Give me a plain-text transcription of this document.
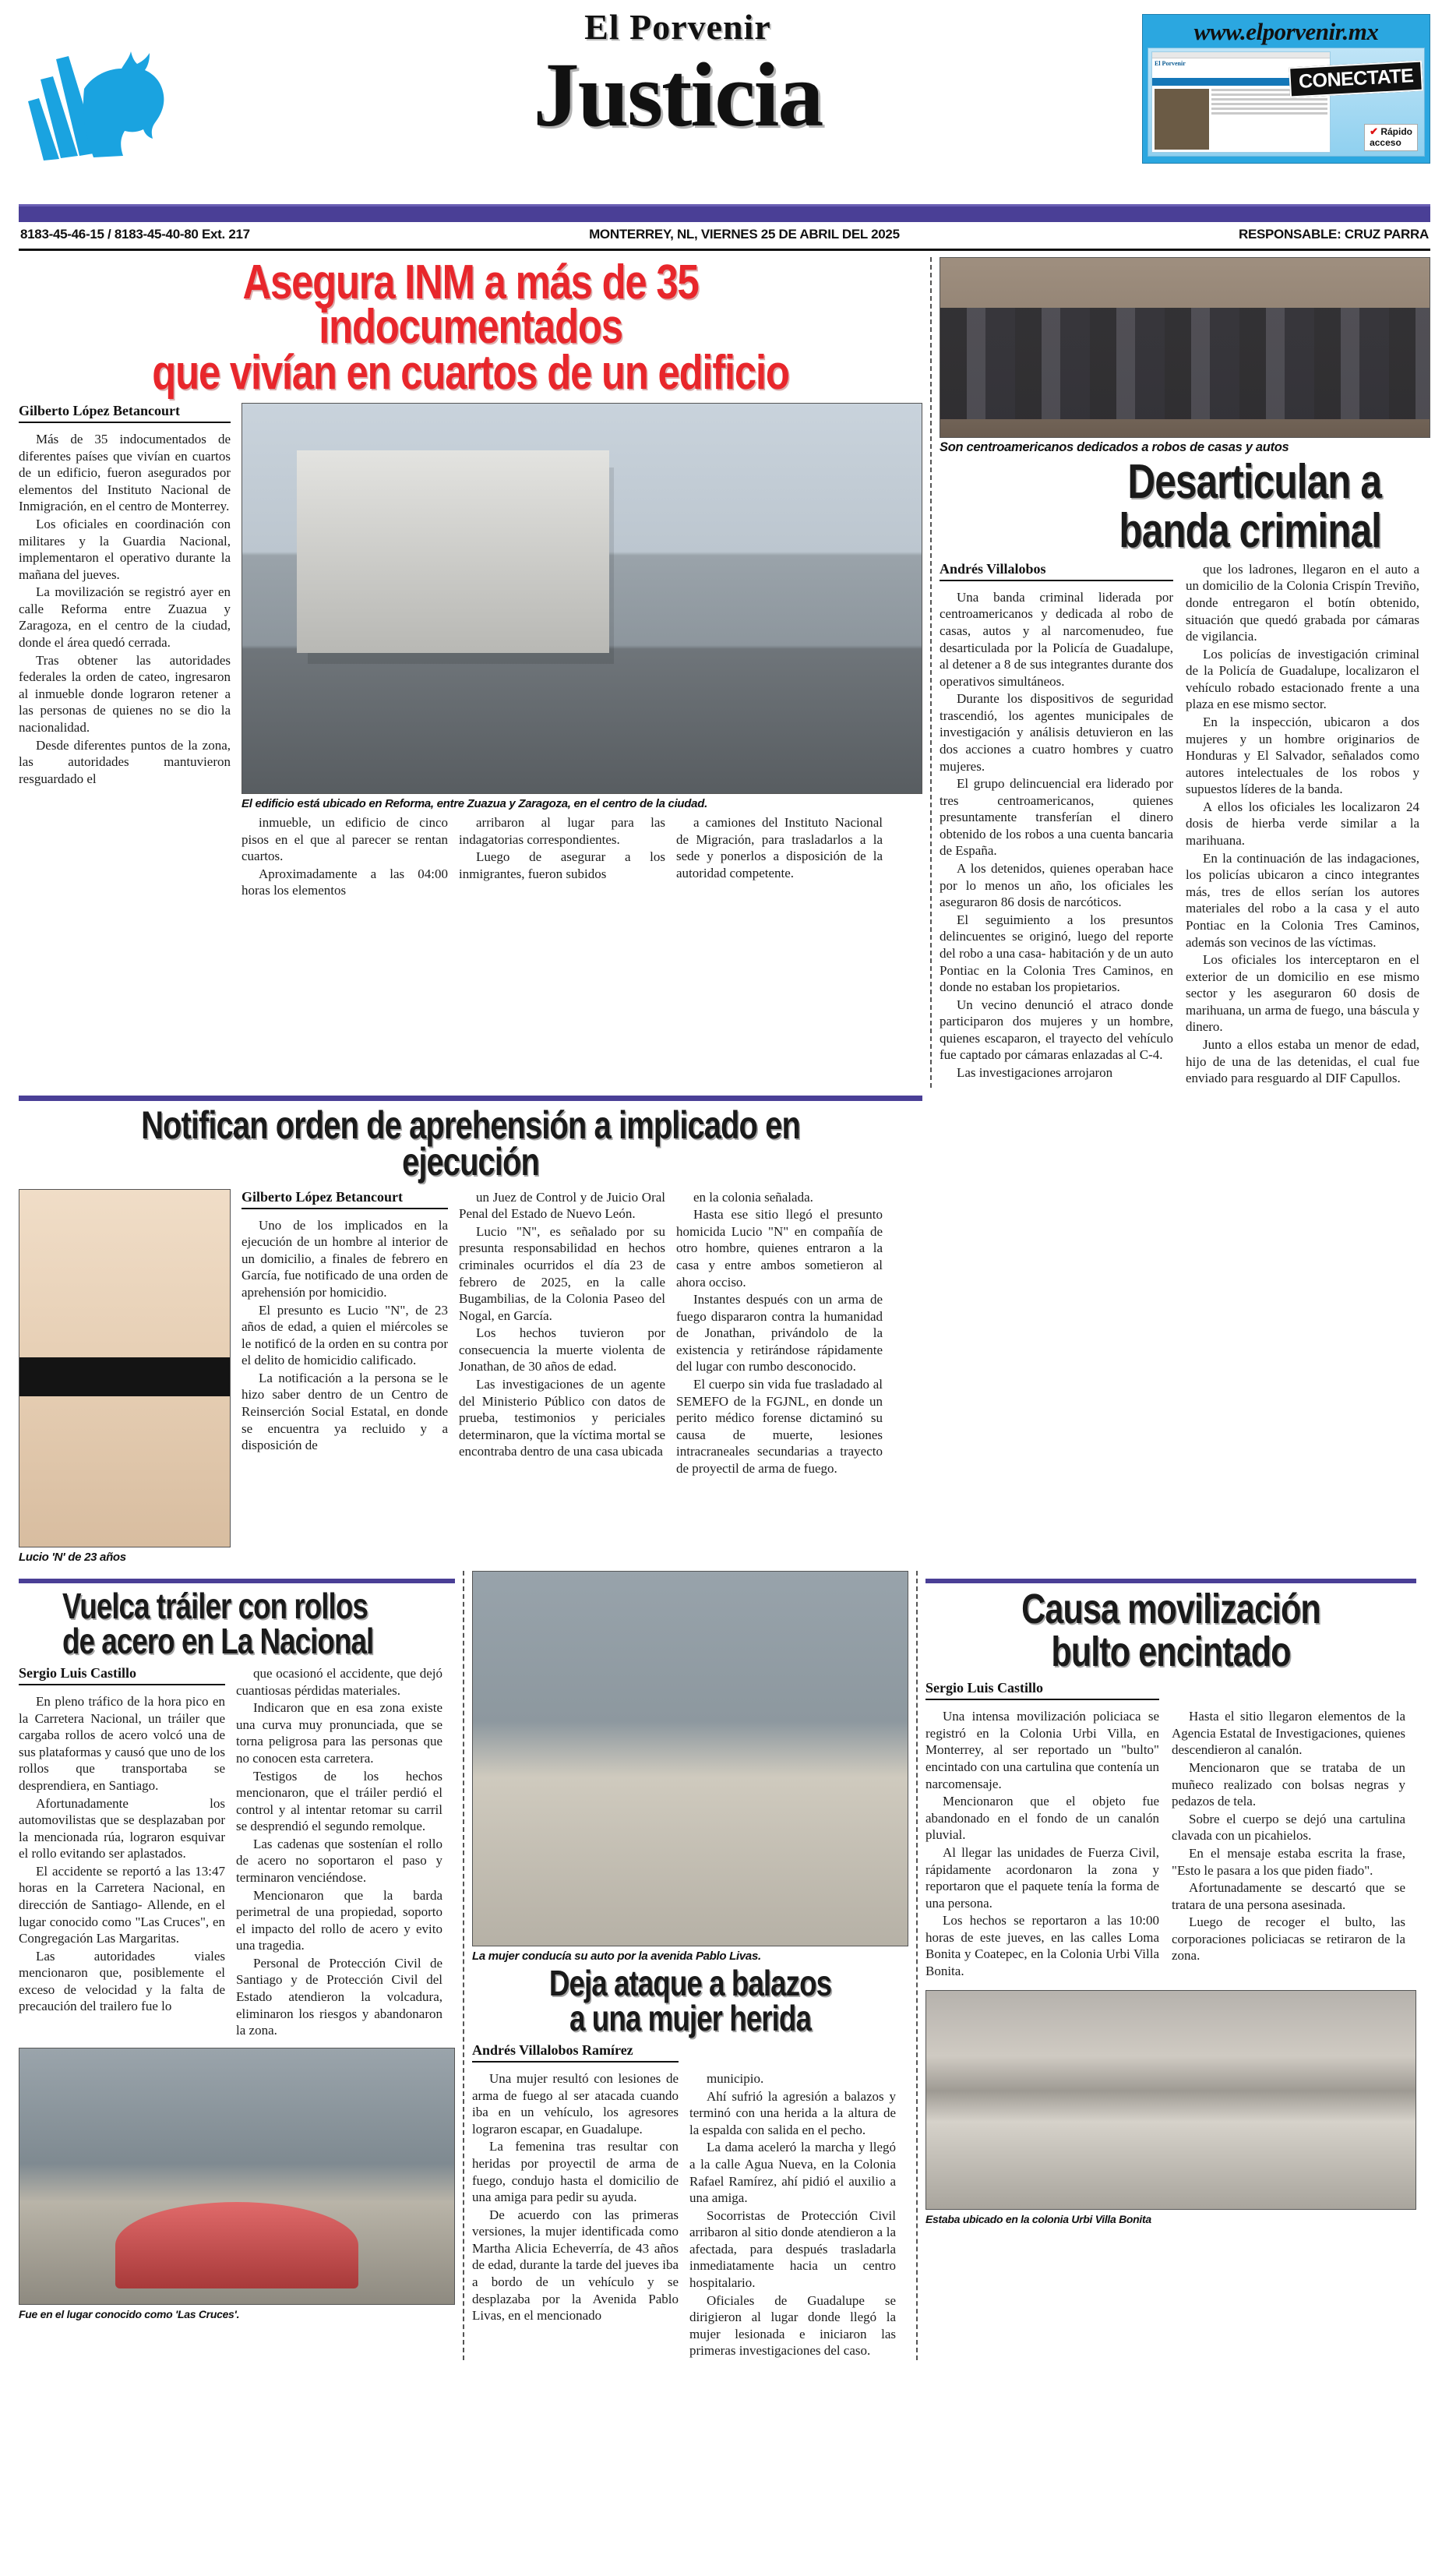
El Porvenir
Justicia
www.elporvenir.mx
El Porvenir
CONECTATE
✔ Rápido
acceso
8183-45-46-15 / 8183-45-40-80 Ext. 217	MONTERREY, NL, VIERNES 25 DE ABRIL DEL 2025	RESPONSABLE: CRUZ PARRA
Asegura INM a más de 35 indocumentados
que vivían en cuartos de un edificio
Gilberto López Betancourt

Más de 35 indocumentados de diferentes países que vivían en cuartos de un edificio, fueron asegurados por elementos del Instituto Nacional de Inmigración, en el centro de Monterrey.

Los oficiales en coordinación con militares y la Guardia Nacional, implementaron el operativo durante la mañana del jueves.

La movilización se registró ayer en calle Reforma entre Zuazua y Zaragoza, en el centro de la ciudad, donde el área quedó cerrada.

Tras obtener las autoridades federales la orden de cateo, ingresaron al inmueble donde lograron retener a las personas de quienes no se dio la nacionalidad.

Desde diferentes puntos de la zona, las autoridades mantuvieron resguardado el

El edificio está ubicado en Reforma, entre Zuazua y Zaragoza, en el centro de la ciudad.

inmueble, un edificio de cinco pisos en el que al parecer se rentan cuartos.

Aproximadamente a las 04:00 horas los elementos

arribaron al lugar para las indagatorias correspondientes.

Luego de asegurar a los inmigrantes, fueron subidos

a camiones del Instituto Nacional de Migración, para trasladarlos a la sede y ponerlos a disposición de la autoridad competente.

Son centroamericanos dedicados a robos de casas y autos
Desarticulan a
banda criminal
Andrés Villalobos

Una banda criminal liderada por centroamericanos y dedicada al robo de casas, autos y al narcomenudeo, fue desarticulada por la Policía de Guadalupe, al detener a 8 de sus integrantes durante dos operativos simultáneos.

Durante los dispositivos de seguridad trascendió, los agentes municipales de investigación y análisis detuvieron en las dos acciones a cuatro hombres y cuatro mujeres.

El grupo delincuencial era liderado por tres centroamericanos, quienes presuntamente transferían el dinero obtenido de los robos a una cuenta bancaria de España.

A los detenidos, quienes operaban hace por lo menos un año, los oficiales les aseguraron 86 dosis de narcóticos.

El seguimiento a los presuntos delincuentes se originó, luego del reporte del robo a una casa- habitación y de un auto Pontiac en la Colonia Tres Caminos, en donde no estaban los propietarios.

Un vecino denunció el atraco donde participaron dos mujeres y un hombre, quienes escaparon, el trayecto del vehículo fue captado por cámaras enlazadas al C-4.

Las investigaciones arrojaron

que los ladrones, llegaron en el auto a un domicilio de la Colonia Crispín Treviño, donde entregaron el botín obtenido, situación que quedó grabada por cámaras de vigilancia.

Los policías de investigación criminal de la Policía de Guadalupe, localizaron el vehículo robado estacionado frente a una plaza en ese mismo sector.

En la inspección, ubicaron a dos mujeres y un hombre originarios de Honduras y El Salvador, señalados como autores intelectuales de los robos y supuestos líderes de la banda.

A ellos los oficiales les localizaron 24 dosis de hierba verde similar a la marihuana.

En la continuación de las indagaciones, los policías ubicaron a cinco integrantes más, tres de ellos serían los autores materiales del robo a la casa y el auto Pontiac en la Colonia Tres Caminos, además son vecinos de las víctimas.

Los oficiales los interceptaron en el exterior de un domicilio en ese mismo sector y les aseguraron 60 dosis de marihuana, un arma de fuego, una báscula y dinero.

Junto a ellos estaba un menor de edad, hijo de una de las detenidas, el cual fue enviado para resguardo al DIF Capullos.

Notifican orden de aprehensión a implicado en ejecución
Lucio 'N' de 23 años
Gilberto López Betancourt

Uno de los implicados en la ejecución de un hombre al interior de un domicilio, a finales de febrero en García, fue notificado de una orden de aprehensión por homicidio.

El presunto es Lucio "N", de 23 años de edad, a quien el miércoles se le notificó de la orden en su contra por el delito de homicidio calificado.

La notificación a la persona se le hizo saber dentro de un Centro de Reinserción Social Estatal, en donde se encuentra ya recluido y a disposición de

un Juez de Control y de Juicio Oral Penal del Estado de Nuevo León.

Lucio "N", es señalado por su presunta responsabilidad en hechos criminales ocurridos el día 23 de febrero de 2025, en la calle Bugambilias, de la Colonia Paseo del Nogal, en García.

Los hechos tuvieron por consecuencia la muerte violenta de Jonathan, de 30 años de edad.

Las investigaciones de un agente del Ministerio Público con datos de prueba, testimonios y periciales determinaron, que la víctima mortal se encontraba dentro de una casa ubicada

en la colonia señalada.

Hasta ese sitio llegó el presunto homicida Lucio "N" en compañía de otro hombre, quienes entraron a la casa y entre ambos sometieron al ahora occiso.

Instantes después con un arma de fuego dispararon contra la humanidad de Jonathan, privándolo de la existencia y retirándose rápidamente del lugar con rumbo desconocido.

El cuerpo sin vida fue trasladado al SEMEFO de la FGJNL, en donde un perito médico forense dictaminó su causa de muerte, lesiones intracraneales secundarias a trayecto de proyectil de arma de fuego.

Vuelca tráiler con rollos
de acero en La Nacional
Sergio Luis Castillo

En pleno tráfico de la hora pico en la Carretera Nacional, un tráiler que cargaba rollos de acero volcó una de sus plataformas y causó que uno de los rollos que transportaba se desprendiera, en Santiago.

Afortunadamente los automovilistas que se desplazaban por la mencionada rúa, lograron esquivar el rollo evitando ser aplastados.

El accidente se reportó a las 13:47 horas en la Carretera Nacional, en dirección de Santiago- Allende, en el lugar conocido como "Las Cruces", en Congregación Las Margaritas.

Las autoridades viales mencionaron que, posiblemente el exceso de velocidad y la falta de precaución del trailero fue lo

que ocasionó el accidente, que dejó cuantiosas pérdidas materiales.

Indicaron que en esa zona existe una curva muy pronunciada, que se torna peligrosa para las personas que no conocen esta carretera.

Testigos de los hechos mencionaron, que el tráiler perdió el control y al intentar retomar su carril se desprendió el segundo remolque.

Las cadenas que sostenían el rollo de acero no soportaron el paso y terminaron venciéndose.

Mencionaron que la barda perimetral de una propiedad, soporto el impacto del rollo de acero y evito una tragedia.

Personal de Protección Civil de Santiago y de Protección Civil del Estado atendieron la volcadura, eliminaron los riesgos y abandonaron la zona.

Fue en el lugar conocido como 'Las Cruces'.
La mujer conducía su auto por la avenida Pablo Livas.
Deja ataque a balazos
a una mujer herida
Andrés Villalobos Ramírez

Una mujer resultó con lesiones de arma de fuego al ser atacada cuando iba en un vehículo, los agresores lograron escapar, en Guadalupe.

La femenina tras resultar con heridas por proyectil de arma de fuego, condujo hasta el domicilio de una amiga para pedir su ayuda.

De acuerdo con las primeras versiones, la mujer identificada como Martha Alicia Echeverría, de 43 años de edad, durante la tarde del jueves iba a bordo de un vehículo y se desplazaba por la Avenida Pablo Livas, en el mencionado

municipio.

Ahí sufrió la agresión a balazos y terminó con una herida a la altura de la espalda con salida en el pecho.

La dama aceleró la marcha y llegó a la calle Agua Nueva, en la Colonia Rafael Ramírez, ahí pidió el auxilio a una amiga.

Socorristas de Protección Civil arribaron al sitio donde atendieron a la afectada, para después trasladarla inmediatamente hacia un centro hospitalario.

Oficiales de Guadalupe se dirigieron al lugar donde llegó la mujer lesionada e iniciaron las primeras investigaciones del caso.

Causa movilización
bulto encintado
Sergio Luis Castillo

Una intensa movilización policiaca se registró en la Colonia Urbi Villa, en Monterrey, al ser reportado un "bulto" encintado con una cartulina que contenía un narcomensaje.

Mencionaron que el objeto fue abandonado en el fondo de un canalón pluvial.

Al llegar las unidades de Fuerza Civil, rápidamente acordonaron la zona y reportaron que el paquete tenía la forma de una persona.

Los hechos se reportaron a las 10:00 horas de este jueves, en las calles Loma Bonita y Coatepec, en la Colonia Urbi Villa Bonita.

Hasta el sitio llegaron elementos de la Agencia Estatal de Investigaciones, quienes descendieron al canalón.

Mencionaron que se trataba de un muñeco realizado con bolsas negras y pedazos de tela.

Sobre el cuerpo se dejó una cartulina clavada con un picahielos.

En el mensaje estaba escrita la frase, "Esto le pasara a los que piden fiado".

Afortunadamente se descartó que se tratara de una persona asesinada.

Luego de recoger el bulto, las corporaciones policiacas se retiraron de la zona.

Estaba ubicado en la colonia Urbi Villa Bonita
